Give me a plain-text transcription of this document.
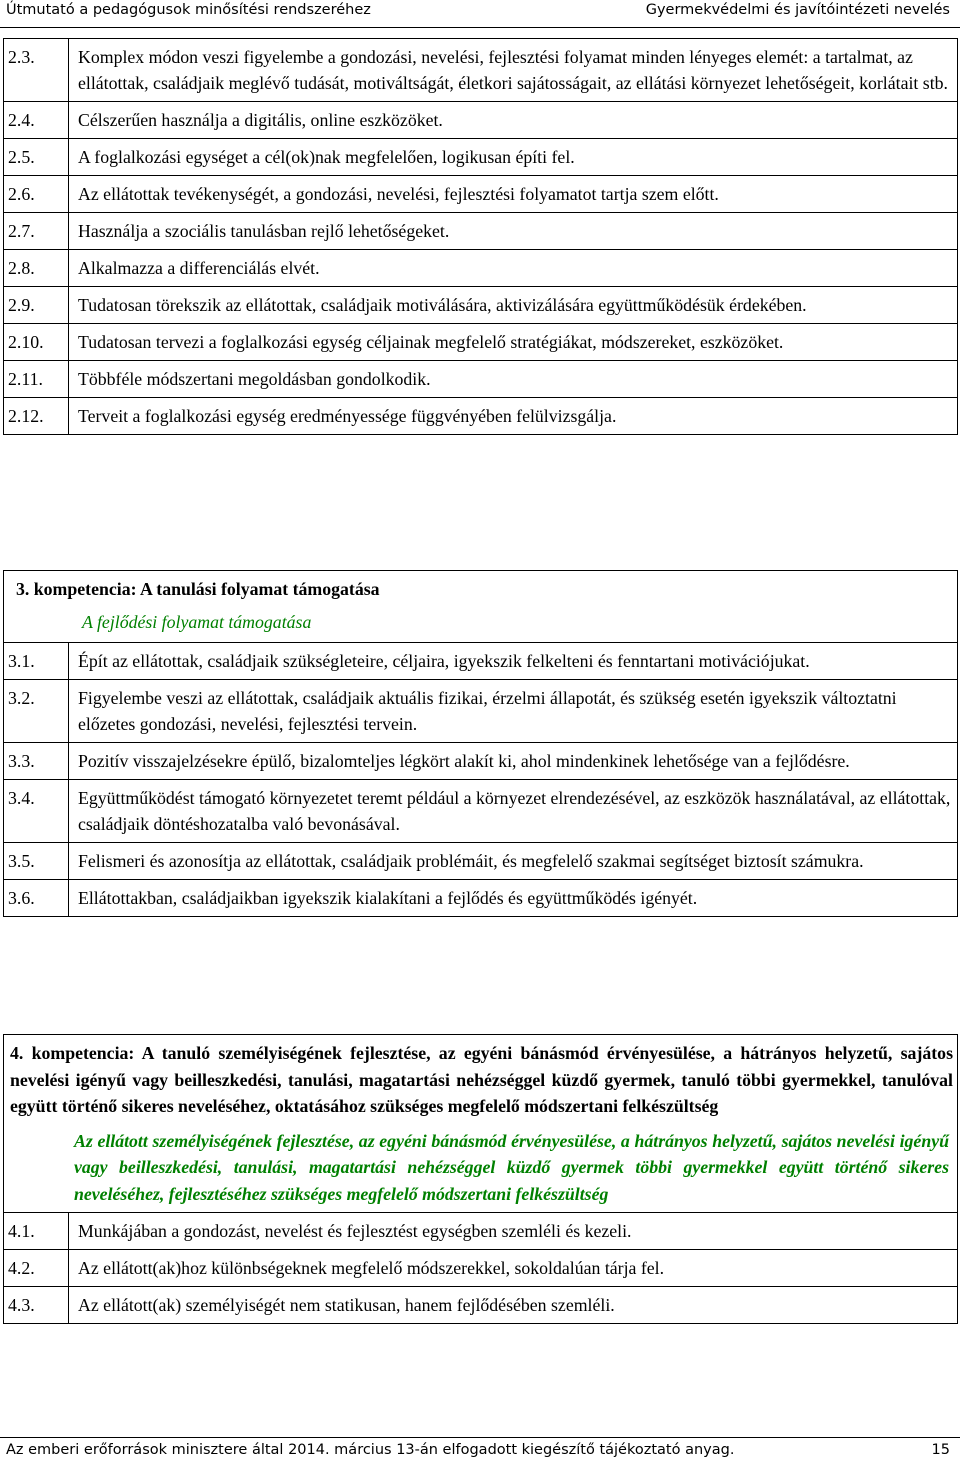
Útmutató a pedagógusok minősítési rendszeréhez	Gyermekvédelmi és javítóintézeti nevelés
2.3.	Komplex módon veszi figyelembe a gondozási, nevelési, fejlesztési folyamat minden lényeges elemét: a tartalmat, az ellátottak, családjaik meglévő tudását, motiváltságát, életkori sajátosságait, az ellátási környezet lehetőségeit, korlátait stb.
2.4.	Célszerűen használja a digitális, online eszközöket.
2.5.	A foglalkozási egységet a cél(ok)nak megfelelően, logikusan építi fel.
2.6.	Az ellátottak tevékenységét, a gondozási, nevelési, fejlesztési folyamatot tartja szem előtt.
2.7.	Használja a szociális tanulásban rejlő lehetőségeket.
2.8.	Alkalmazza a differenciálás elvét.
2.9.	Tudatosan törekszik az ellátottak, családjaik motiválására, aktivizálására együttműködésük érdekében.
2.10.	Tudatosan tervezi a foglalkozási egység céljainak megfelelő stratégiákat, módszereket, eszközöket.
2.11.	Többféle módszertani megoldásban gondolkodik.
2.12.	Terveit a foglalkozási egység eredményessége függvényében felülvizsgálja.
3. kompetencia: A tanulási folyamat támogatása
A fejlődési folyamat támogatása	

3.1.	Épít az ellátottak, családjaik szükségleteire, céljaira, igyekszik felkelteni és fenntartani motivációjukat.
3.2.	Figyelembe veszi az ellátottak, családjaik aktuális fizikai, érzelmi állapotát, és szükség esetén igyekszik változtatni előzetes gondozási, nevelési, fejlesztési tervein.
3.3.	Pozitív visszajelzésekre épülő, bizalomteljes légkört alakít ki, ahol mindenkinek lehetősége van a fejlődésre.
3.4.	Együttműködést támogató környezetet teremt például a környezet elrendezésével, az eszközök használatával, az ellátottak, családjaik döntéshozatalba való bevonásával.
3.5.	Felismeri és azonosítja az ellátottak, családjaik problémáit, és megfelelő szakmai segítséget biztosít számukra.
3.6.	Ellátottakban, családjaikban igyekszik kialakítani a fejlődés és együttműködés igényét.
4. kompetencia: A tanuló személyiségének fejlesztése, az egyéni bánásmód érvényesülése, a hátrányos helyzetű, sajátos nevelési igényű vagy beilleszkedési, tanulási, magatartási nehézséggel küzdő gyermek, tanuló többi gyermekkel, tanulóval együtt történő sikeres neveléséhez, oktatásához szükséges megfelelő módszertani felkészültség
Az ellátott személyiségének fejlesztése, az egyéni bánásmód érvényesülése, a hátrányos helyzetű, sajátos nevelési igényű vagy beilleszkedési, tanulási, magatartási nehézséggel küzdő gyermek többi gyermekkel együtt történő sikeres neveléséhez, fejlesztéséhez szükséges megfelelő módszertani felkészültség	

4.1.	Munkájában a gondozást, nevelést és fejlesztést egységben szemléli és kezeli.
4.2.	Az ellátott(ak)hoz különbségeknek megfelelő módszerekkel, sokoldalúan tárja fel.
4.3.	Az ellátott(ak) személyiségét nem statikusan, hanem fejlődésében szemléli.
Az emberi erőforrások minisztere által 2014. március 13-án elfogadott kiegészítő tájékoztató anyag.	15
